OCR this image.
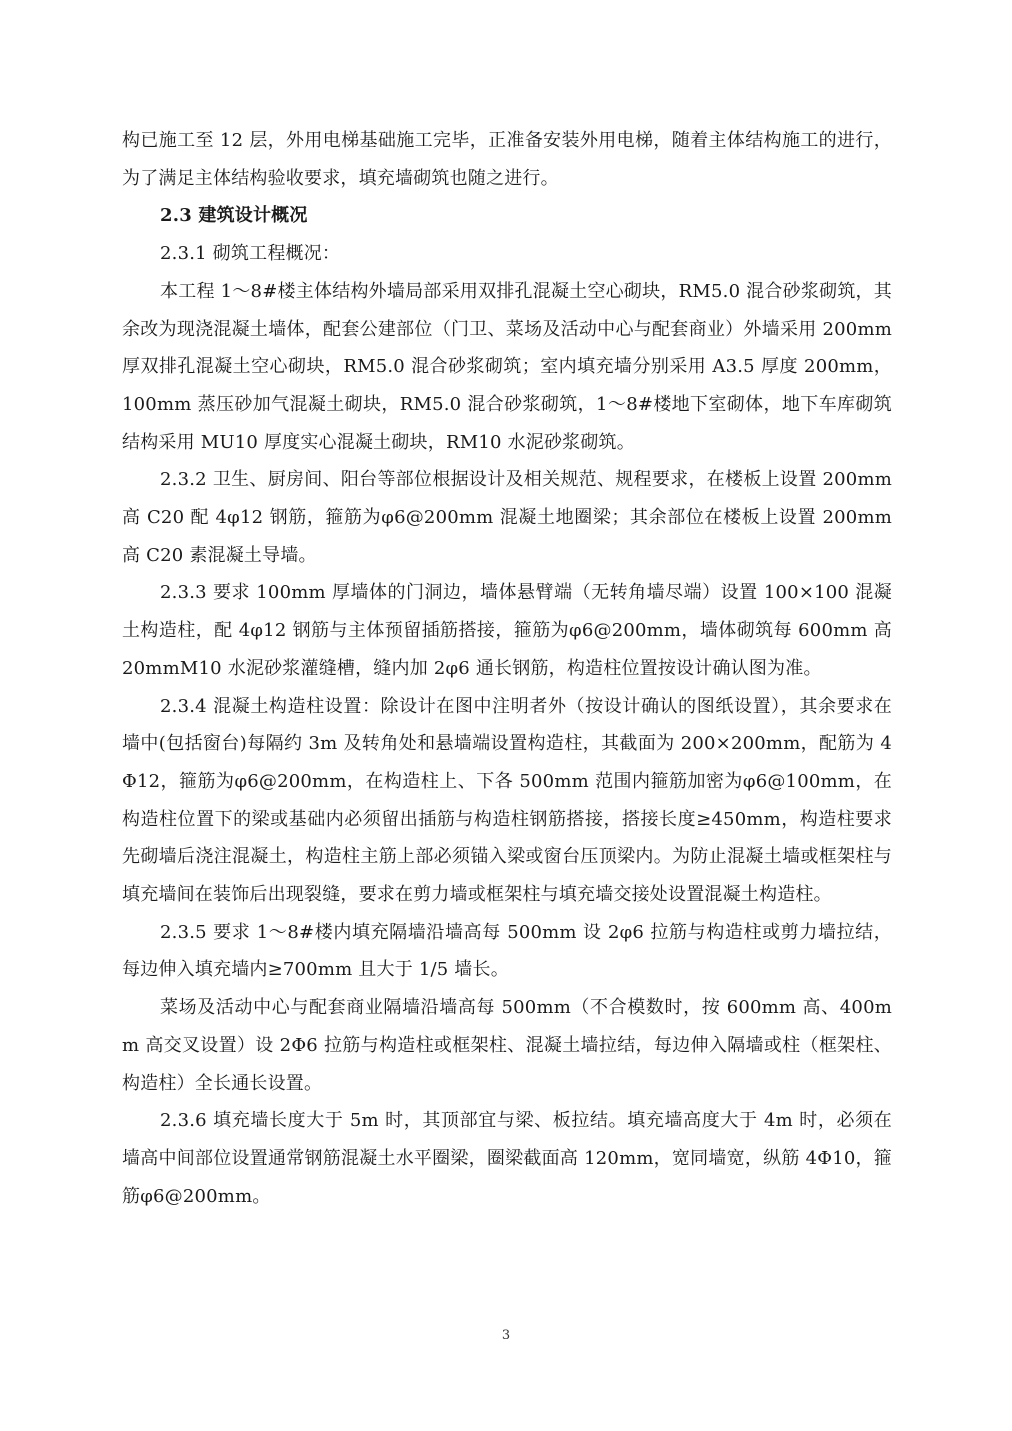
构已施工至 12 层，外用电梯基础施工完毕，正准备安装外用电梯，随着主体结构施工的进行，为了满足主体结构验收要求，填充墙砌筑也随之进行。

2.3 建筑设计概况

2.3.1 砌筑工程概况：

本工程 1～8#楼主体结构外墙局部采用双排孔混凝土空心砌块，RM5.0 混合砂浆砌筑，其余改为现浇混凝土墙体，配套公建部位（门卫、菜场及活动中心与配套商业）外墙采用 200mm 厚双排孔混凝土空心砌块，RM5.0 混合砂浆砌筑；室内填充墙分别采用 A3.5 厚度 200mm，100mm 蒸压砂加气混凝土砌块，RM5.0 混合砂浆砌筑，1～8#楼地下室砌体，地下车库砌筑结构采用 MU10 厚度实心混凝土砌块，RM10 水泥砂浆砌筑。

2.3.2 卫生、厨房间、阳台等部位根据设计及相关规范、规程要求，在楼板上设置 200mm 高 C20 配 4φ12 钢筋，箍筋为φ6@200mm 混凝土地圈梁；其余部位在楼板上设置 200mm 高 C20 素混凝土导墙。

2.3.3 要求 100mm 厚墙体的门洞边，墙体悬臂端（无转角墙尽端）设置 100×100 混凝土构造柱，配 4φ12 钢筋与主体预留插筋搭接，箍筋为φ6@200mm，墙体砌筑每 600mm 高 20mmM10 水泥砂浆灌缝槽，缝内加 2φ6 通长钢筋，构造柱位置按设计确认图为准。

2.3.4 混凝土构造柱设置：除设计在图中注明者外（按设计确认的图纸设置），其余要求在墙中(包括窗台)每隔约 3m 及转角处和悬墙端设置构造柱，其截面为 200×200mm，配筋为 4Φ12，箍筋为φ6@200mm，在构造柱上、下各 500mm 范围内箍筋加密为φ6@100mm，在构造柱位置下的梁或基础内必须留出插筋与构造柱钢筋搭接，搭接长度≥450mm，构造柱要求先砌墙后浇注混凝土，构造柱主筋上部必须锚入梁或窗台压顶梁内。为防止混凝土墙或框架柱与填充墙间在装饰后出现裂缝，要求在剪力墙或框架柱与填充墙交接处设置混凝土构造柱。

2.3.5 要求 1～8#楼内填充隔墙沿墙高每 500mm 设 2φ6 拉筋与构造柱或剪力墙拉结，每边伸入填充墙内≥700mm 且大于 1/5 墙长。

菜场及活动中心与配套商业隔墙沿墙高每 500mm（不合模数时，按 600mm 高、400mm 高交叉设置）设 2Φ6 拉筋与构造柱或框架柱、混凝土墙拉结，每边伸入隔墙或柱（框架柱、构造柱）全长通长设置。

2.3.6 填充墙长度大于 5m 时，其顶部宜与梁、板拉结。填充墙高度大于 4m 时，必须在墙高中间部位设置通常钢筋混凝土水平圈梁，圈梁截面高 120mm，宽同墙宽，纵筋 4Φ10，箍筋φ6@200mm。

3
